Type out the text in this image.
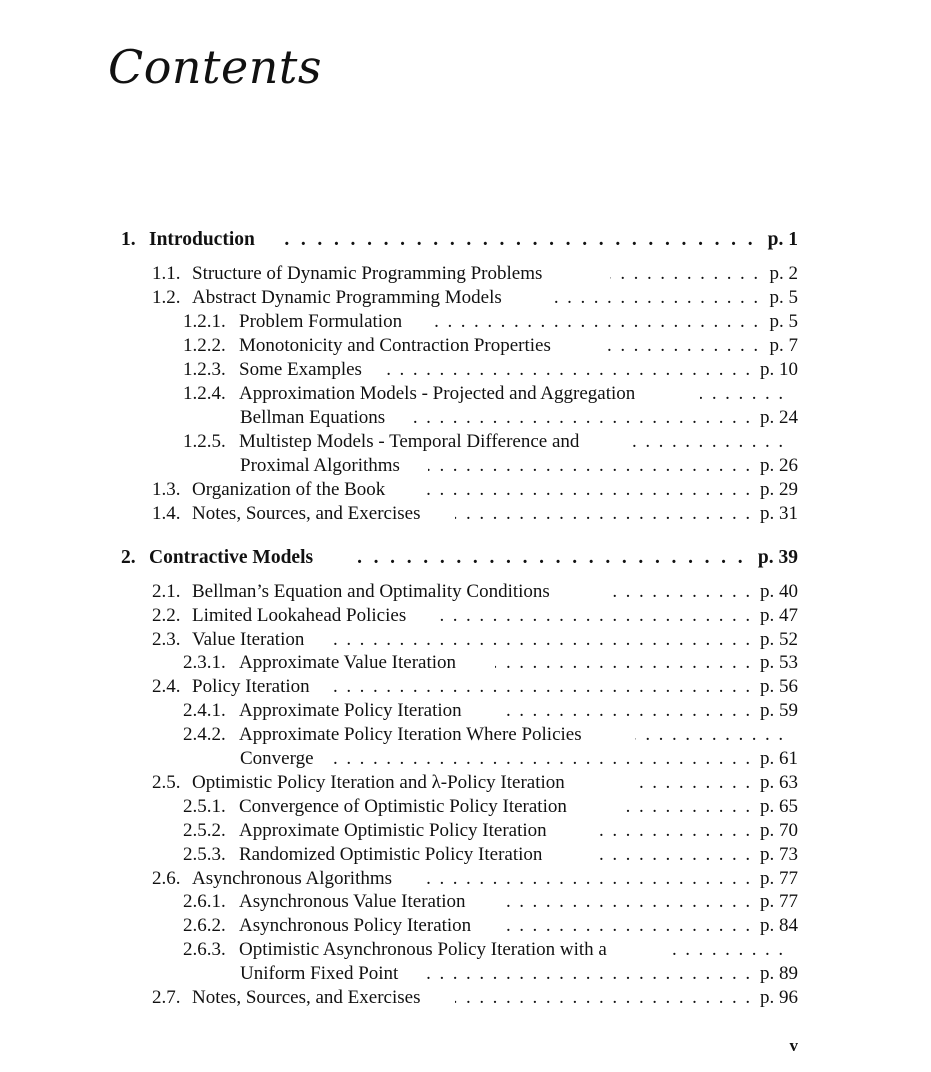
Contents
1. Introduction . . .	p. 1
1.1. Structure of Dynamic Programming Problems . . .	p. 2
1.2. Abstract Dynamic Programming Models . . .	p. 5
1.2.1. Problem Formulation . . .	p. 5
1.2.2. Monotonicity and Contraction Properties . . .	p. 7
1.2.3. Some Examples . . .	p. 10
1.2.4. Approximation Models - Projected and Aggregation
. . .
Bellman Equations . . .	p. 24
1.2.5. Multistep Models - Temporal Difference and
. . .
Proximal Algorithms . . .	p. 26
1.3. Organization of the Book . . .	p. 29
1.4. Notes, Sources, and Exercises . . .	p. 31
2. Contractive Models . . .	p. 39
2.1. Bellman’s Equation and Optimality Conditions . . .	p. 40
2.2. Limited Lookahead Policies . . .	p. 47
2.3. Value Iteration . . .	p. 52
2.3.1. Approximate Value Iteration . . .	p. 53
2.4. Policy Iteration . . .	p. 56
2.4.1. Approximate Policy Iteration . . .	p. 59
2.4.2. Approximate Policy Iteration Where Policies
. . .
Converge . . .	p. 61
2.5. Optimistic Policy Iteration and λ-Policy Iteration . . .	p. 63
2.5.1. Convergence of Optimistic Policy Iteration . . .	p. 65
2.5.2. Approximate Optimistic Policy Iteration . . .	p. 70
2.5.3. Randomized Optimistic Policy Iteration . . .	p. 73
2.6. Asynchronous Algorithms . . .	p. 77
2.6.1. Asynchronous Value Iteration . . .	p. 77
2.6.2. Asynchronous Policy Iteration . . .	p. 84
2.6.3. Optimistic Asynchronous Policy Iteration with a
. . .
Uniform Fixed Point . . .	p. 89
2.7. Notes, Sources, and Exercises . . .	p. 96
v
